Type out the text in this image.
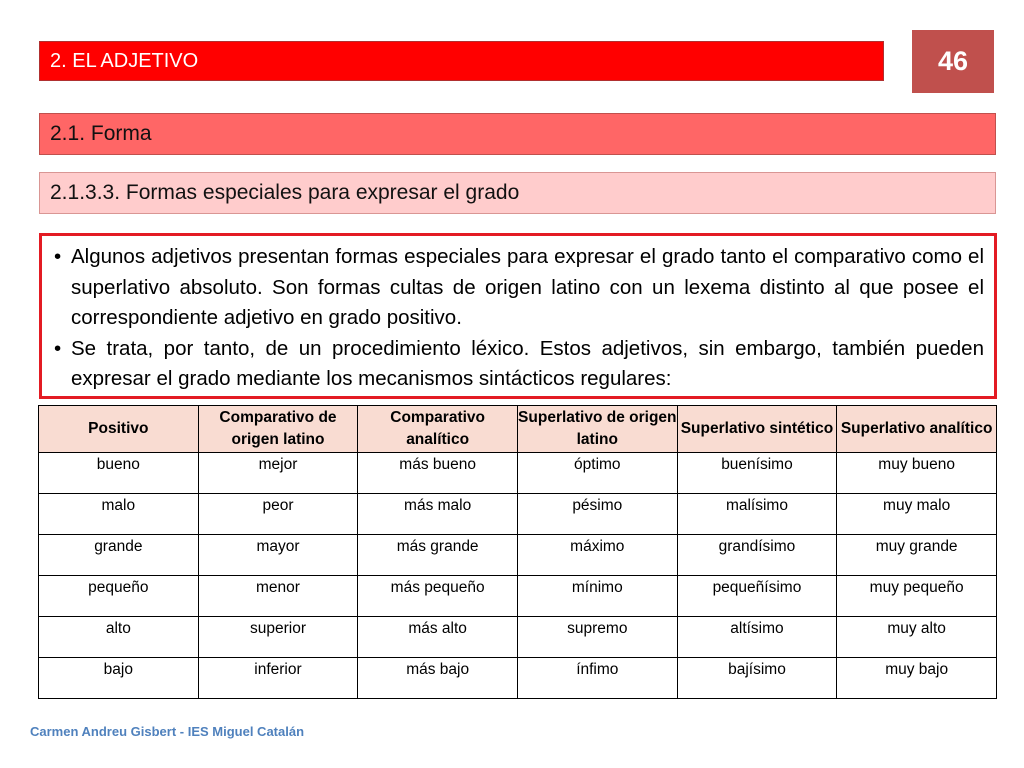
2. EL ADJETIVO	46
2.1. Forma
2.1.3.3. Formas especiales para expresar el grado
• Algunos adjetivos presentan formas especiales para expresar el grado tanto el comparativo como el superlativo absoluto. Son formas cultas de origen latino con un lexema distinto al que posee el correspondiente adjetivo en grado positivo.
• Se trata, por tanto, de un procedimiento léxico. Estos adjetivos, sin embargo, también pueden expresar el grado mediante los mecanismos sintácticos regulares:
Positivo	Comparativo de origen latino	Comparativo analítico	Superlativo de origen latino	Superlativo sintético	Superlativo analítico
bueno	mejor	más bueno	óptimo	buenísimo	muy bueno
malo	peor	más malo	pésimo	malísimo	muy malo
grande	mayor	más grande	máximo	grandísimo	muy grande
pequeño	menor	más pequeño	mínimo	pequeñísimo	muy pequeño
alto	superior	más alto	supremo	altísimo	muy alto
bajo	inferior	más bajo	ínfimo	bajísimo	muy bajo
Carmen Andreu Gisbert - IES Miguel Catalán
